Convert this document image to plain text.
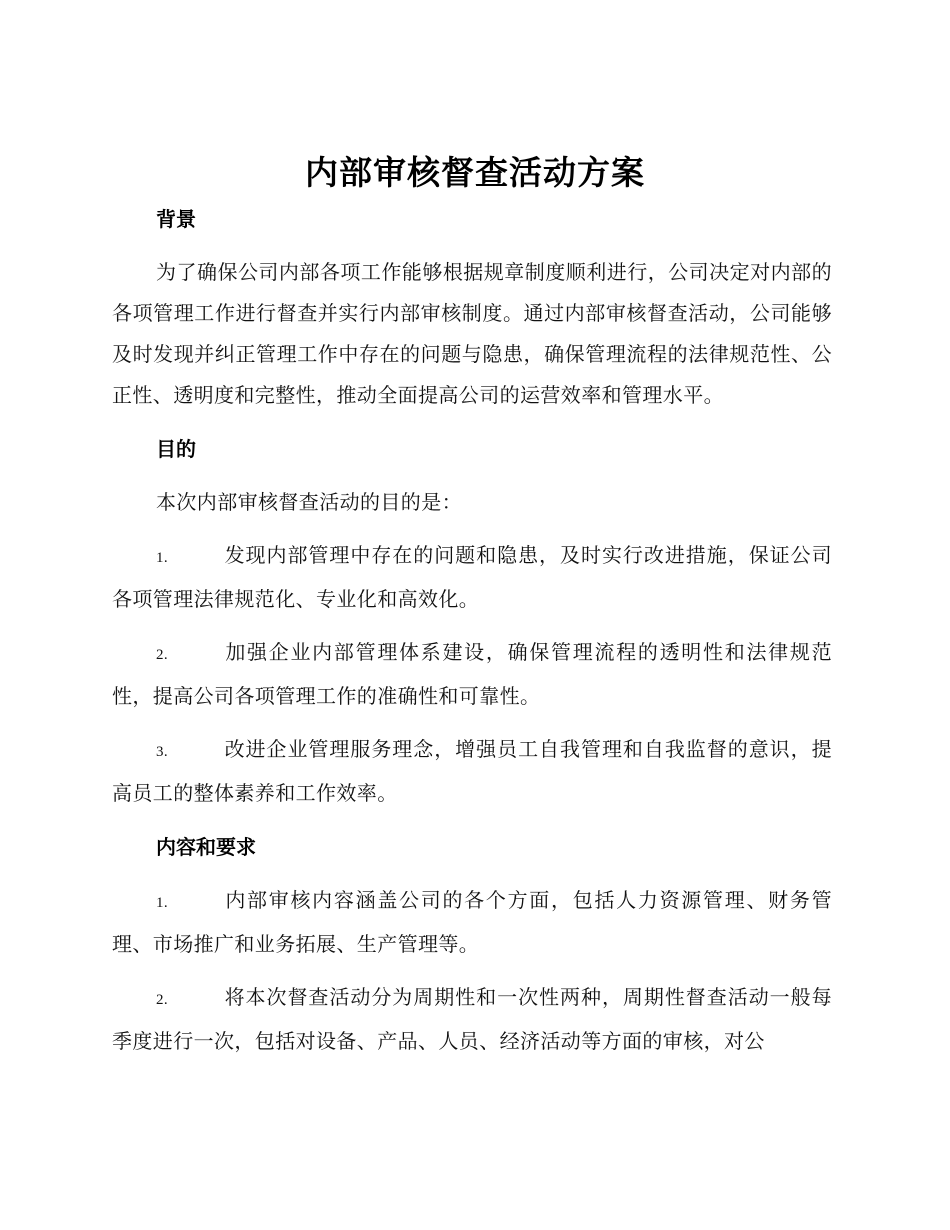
内部审核督查活动方案
背景

为了确保公司内部各项工作能够根据规章制度顺利进行，公司决定对内部的各项管理工作进行督查并实行内部审核制度。通过内部审核督查活动，公司能够及时发现并纠正管理工作中存在的问题与隐患，确保管理流程的法律规范性、公正性、透明度和完整性，推动全面提高公司的运营效率和管理水平。

目的

本次内部审核督查活动的目的是：

1.	发现内部管理中存在的问题和隐患，及时实行改进措施，保证公司各项管理法律规范化、专业化和高效化。

2.	加强企业内部管理体系建设，确保管理流程的透明性和法律规范性，提高公司各项管理工作的准确性和可靠性。

3.	改进企业管理服务理念，增强员工自我管理和自我监督的意识，提高员工的整体素养和工作效率。

内容和要求

1.	内部审核内容涵盖公司的各个方面，包括人力资源管理、财务管理、市场推广和业务拓展、生产管理等。

2.	将本次督查活动分为周期性和一次性两种，周期性督查活动一般每季度进行一次，包括对设备、产品、人员、经济活动等方面的审核，对公
